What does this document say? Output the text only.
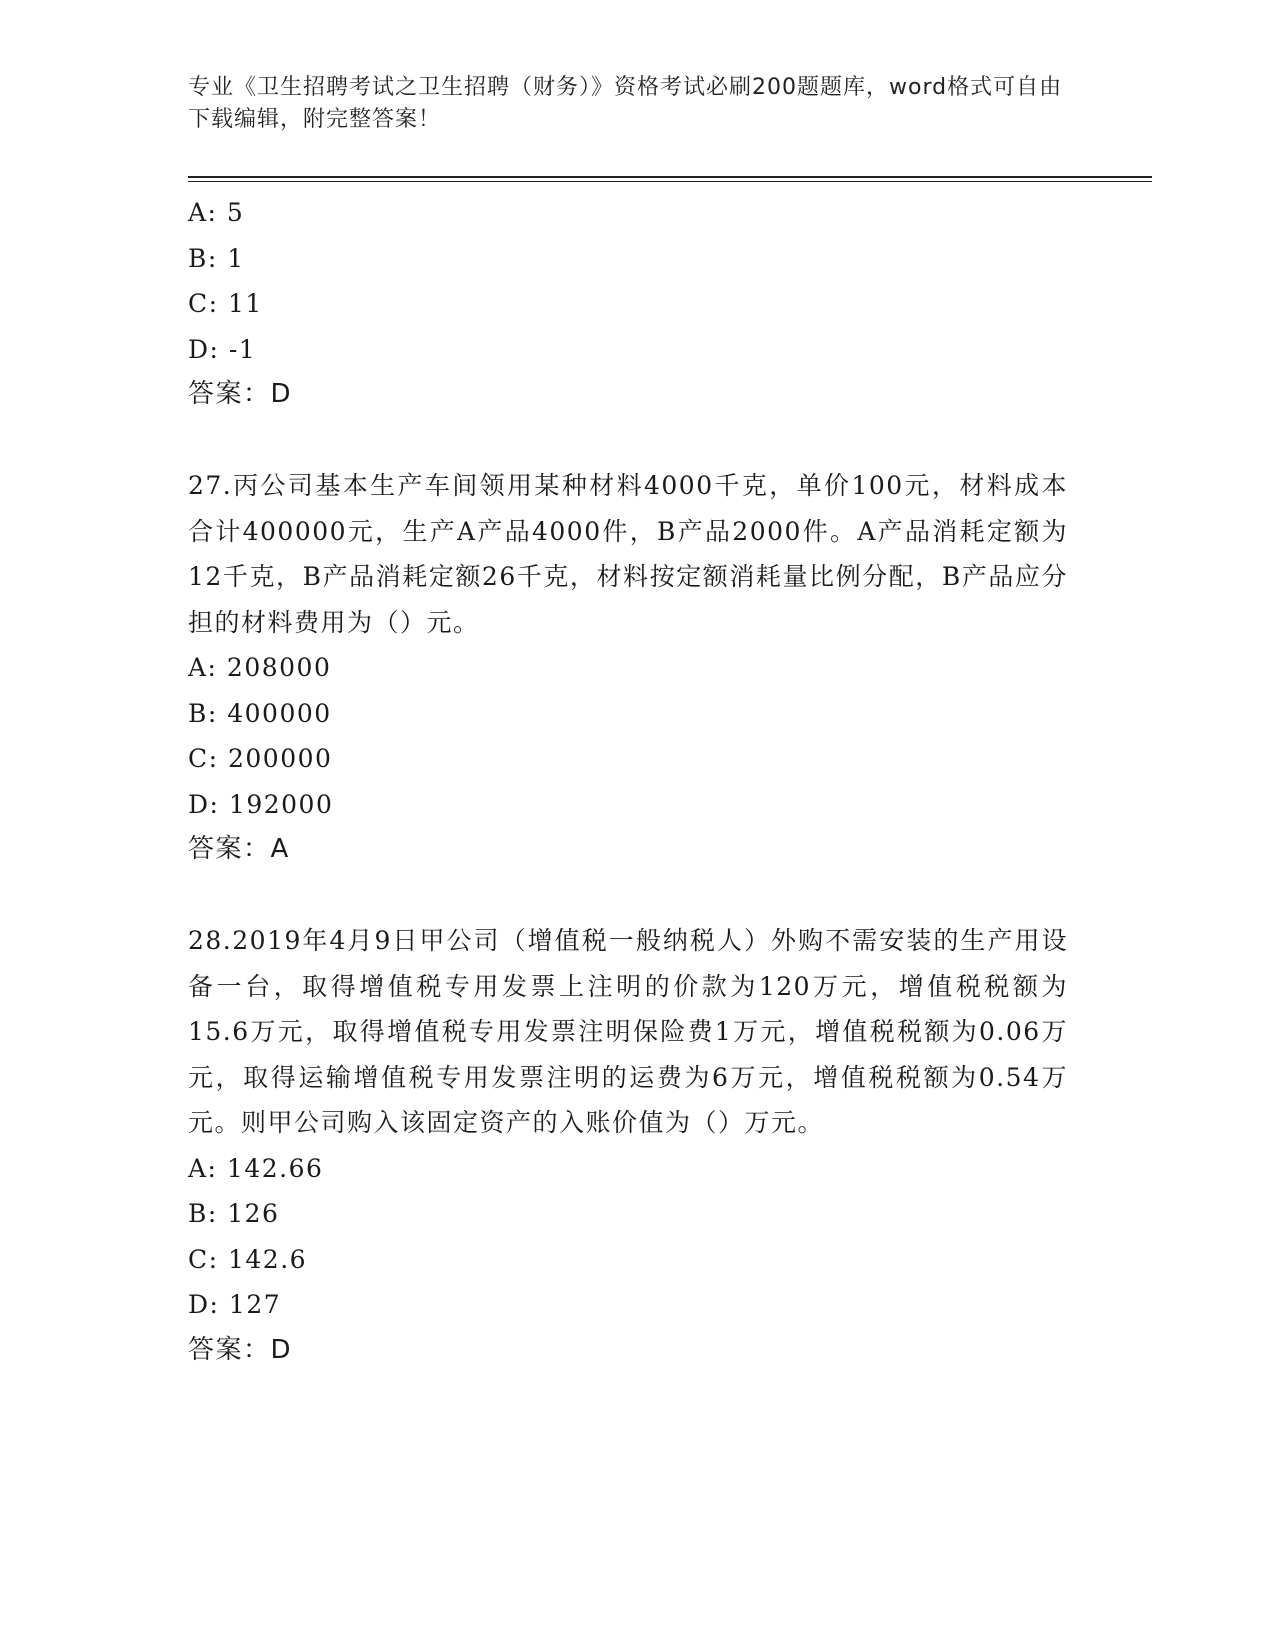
专业《卫生招聘考试之卫生招聘（财务）》资格考试必刷200题题库，word格式可自由下载编辑，附完整答案！
A: 5
B: 1
C: 11
D: -1
答案：D
27.丙公司基本生产车间领用某种材料4000千克，单价100元，材料成本合计400000元，生产A产品4000件，B产品2000件。A产品消耗定额为12千克，B产品消耗定额26千克，材料按定额消耗量比例分配，B产品应分担的材料费用为（）元。
A: 208000
B: 400000
C: 200000
D: 192000
答案：A
28.2019年4月9日甲公司（增值税一般纳税人）外购不需安装的生产用设备一台，取得增值税专用发票上注明的价款为120万元，增值税税额为15.6万元，取得增值税专用发票注明保险费1万元，增值税税额为0.06万元，取得运输增值税专用发票注明的运费为6万元，增值税税额为0.54万元。则甲公司购入该固定资产的入账价值为（）万元。
A: 142.66
B: 126
C: 142.6
D: 127
答案：D
